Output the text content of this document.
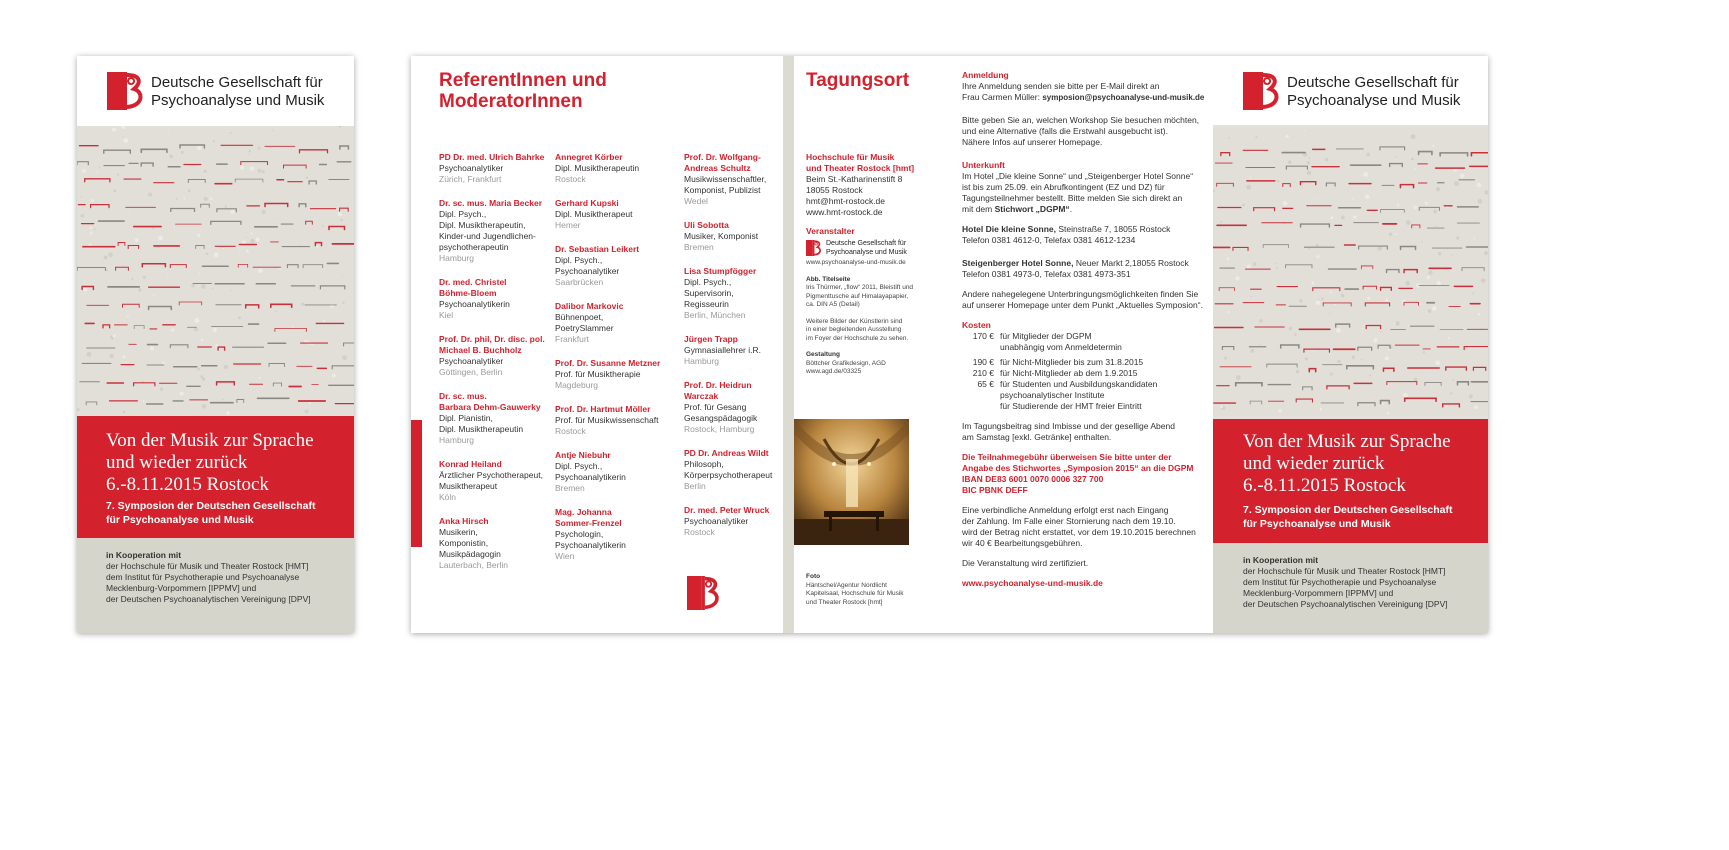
Deutsche Gesellschaft für
Psychoanalyse und Musik
Von der Musik zur Sprache
und wieder zurück
6.-8.11.2015 Rostock
7. Symposion der Deutschen Gesellschaft
für Psychoanalyse und Musik
in Kooperation mit
der Hochschule für Musik und Theater Rostock [HMT]
dem Institut für Psychotherapie und Psychoanalyse
Mecklenburg-Vorpommern [IPPMV] und
der Deutschen Psychoanalytischen Vereinigung [DPV]
ReferentInnen und
ModeratorInnen
PD Dr. med. Ulrich Bahrke
Psychoanalytiker
Zürich, Frankfurt
Dr. sc. mus. Maria Becker
Dipl. Psych.,
Dipl. Musiktherapeutin,
Kinder-und Jugendlichen-
psychotherapeutin
Hamburg
Dr. med. Christel
Böhme-Bloem
Psychoanalytikerin
Kiel
Prof. Dr. phil, Dr. disc. pol.
Michael B. Buchholz
Psychoanalytiker
Göttingen, Berlin
Dr. sc. mus.
Barbara Dehm-Gauwerky
Dipl. Pianistin,
Dipl. Musiktherapeutin
Hamburg
Konrad Heiland
Ärztlicher Psychotherapeut,
Musiktherapeut
Köln
Anka Hirsch
Musikerin,
Komponistin,
Musikpädagogin
Lauterbach, Berlin
Annegret Körber
Dipl. Musiktherapeutin
Rostock
Gerhard Kupski
Dipl. Musiktherapeut
Hemer
Dr. Sebastian Leikert
Dipl. Psych.,
Psychoanalytiker
Saarbrücken
Dalibor Markovic
Bühnenpoet,
PoetrySlammer
Frankfurt
Prof. Dr. Susanne Metzner
Prof. für Musiktherapie
Magdeburg
Prof. Dr. Hartmut Möller
Prof. für Musikwissenschaft
Rostock
Antje Niebuhr
Dipl. Psych.,
Psychoanalytikerin
Bremen
Mag. Johanna
Sommer-Frenzel
Psychologin,
Psychoanalytikerin
Wien
Prof. Dr. Wolfgang-
Andreas Schultz
Musikwissenschaftler,
Komponist, Publizist
Wedel
Uli Sobotta
Musiker, Komponist
Bremen
Lisa Stumpfögger
Dipl. Psych.,
Supervisorin,
Regisseurin
Berlin, München
Jürgen Trapp
Gymnasiallehrer i.R.
Hamburg
Prof. Dr. Heidrun Warczak
Prof. für Gesang
Gesangspädagogik
Rostock, Hamburg
PD Dr. Andreas Wildt
Philosoph,
Körperpsychotherapeut
Berlin
Dr. med. Peter Wruck
Psychoanalytiker
Rostock
Tagungsort
Hochschule für Musik
und Theater Rostock [hmt]
Beim St.-Katharinenstift 8
18055 Rostock
hmt@hmt-rostock.de
www.hmt-rostock.de
Veranstalter
Deutsche Gesellschaft für
Psychoanalyse und Musik
www.psychoanalyse-und-musik.de
Abb. Titelseite
Iris Thürmer, „flow“ 2011, Bleistift und
Pigmenttusche auf Himalayapapier,
ca. DIN A5 (Detail)
Weitere Bilder der Künstlerin sind
in einer begleitenden Ausstellung
im Foyer der Hochschule zu sehen.
Gestaltung
Böttcher Grafikdesign, AGD
www.agd.de/03325
Foto
Häntschel/Agentur Nordlicht
Kapitelsaal, Hochschule für Musik
und Theater Rostock [hmt]
Anmeldung
Ihre Anmeldung senden sie bitte per E-Mail direkt an
Frau Carmen Müller: symposion@psychoanalyse-und-musik.de
Bitte geben Sie an, welchen Workshop Sie besuchen möchten,
und eine Alternative (falls die Erstwahl ausgebucht ist).
Nähere Infos auf unserer Homepage.
Unterkunft
Im Hotel „Die kleine Sonne“ und „Steigenberger Hotel Sonne“
ist bis zum 25.09. ein Abrufkontingent (EZ und DZ) für
Tagungsteilnehmer bestellt. Bitte melden Sie sich direkt an
mit dem Stichwort „DGPM“.
Hotel Die kleine Sonne, Steinstraße 7, 18055 Rostock
Telefon 0381 4612-0, Telefax 0381 4612-1234
Steigenberger Hotel Sonne, Neuer Markt 2,18055 Rostock
Telefon 0381 4973-0, Telefax 0381 4973-351
Andere nahegelegene Unterbringungsmöglichkeiten finden Sie
auf unserer Homepage unter dem Punkt „Aktuelles Symposion“.
Kosten
170 € für Mitglieder der DGPM
unabhängig vom Anmeldetermin
190 € für Nicht-Mitglieder bis zum 31.8.2015
210 € für Nicht-Mitglieder ab dem 1.9.2015
65 € für Studenten und Ausbildungskandidaten
psychoanalytischer Institute
für Studierende der HMT freier Eintritt
Im Tagungsbeitrag sind Imbisse und der gesellige Abend
am Samstag [exkl. Getränke] enthalten.
Die Teilnahmegebühr überweisen Sie bitte unter der
Angabe des Stichwortes „Symposion 2015“ an die DGPM
IBAN DE83 6001 0070 0006 327 700
BIC PBNK DEFF
Eine verbindliche Anmeldung erfolgt erst nach Eingang
der Zahlung. Im Falle einer Stornierung nach dem 19.10.
wird der Betrag nicht erstattet, vor dem 19.10.2015 berechnen
wir 40 € Bearbeitungsgebühren.
Die Veranstaltung wird zertifiziert.
www.psychoanalyse-und-musik.de
Deutsche Gesellschaft für
Psychoanalyse und Musik
Von der Musik zur Sprache
und wieder zurück
6.-8.11.2015 Rostock
7. Symposion der Deutschen Gesellschaft
für Psychoanalyse und Musik
in Kooperation mit
der Hochschule für Musik und Theater Rostock [HMT]
dem Institut für Psychotherapie und Psychoanalyse
Mecklenburg-Vorpommern [IPPMV] und
der Deutschen Psychoanalytischen Vereinigung [DPV]
